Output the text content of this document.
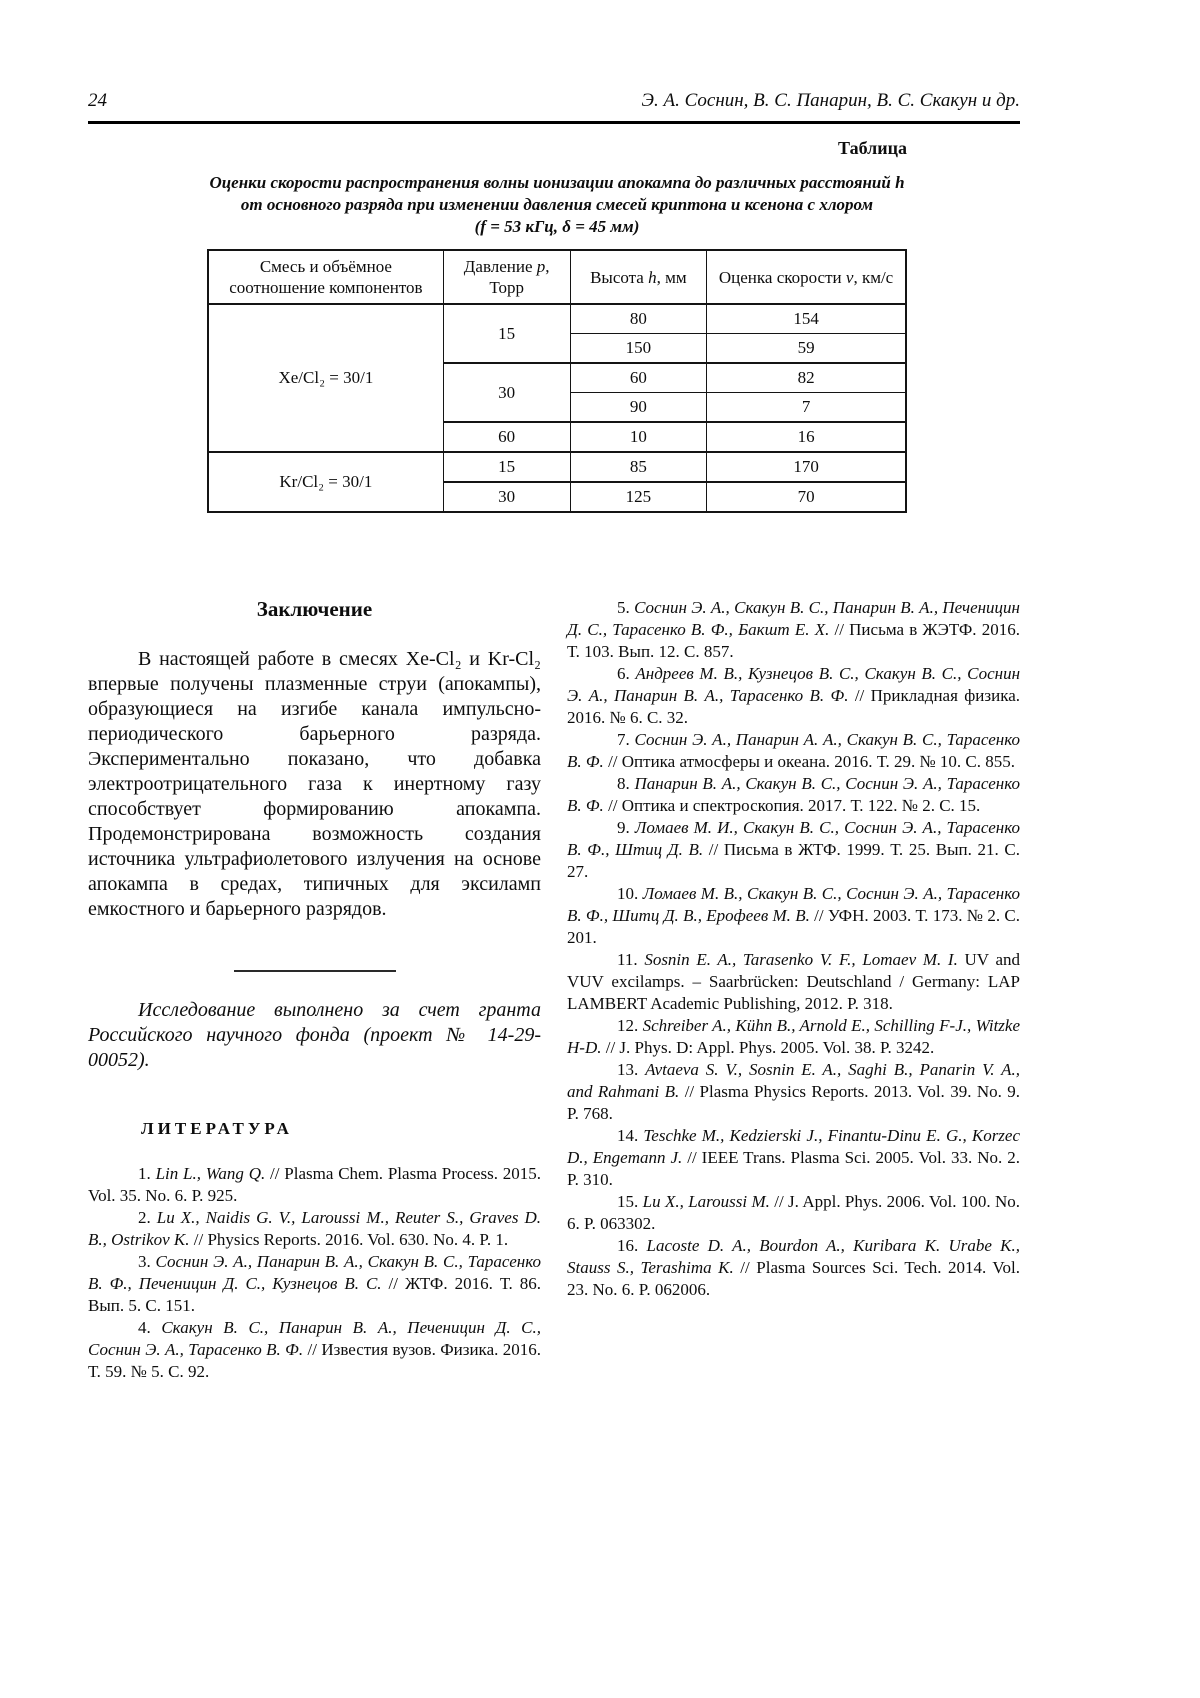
24	Э. А. Соснин, В. С. Панарин, В. С. Скакун и др.
Таблица
Оценки скорости распространения волны ионизации апокампа до различных расстояний h
от основного разряда при изменении давления смесей криптона и ксенона с хлором
(f = 53 кГц, δ = 45 мм)
Смесь и объёмное
соотношение компонентов	Давление p,
Торр	Высота h, мм	Оценка скорости v, км/с
Xe/Cl₂ = 30/1	15	80	154
		150	59
	30	60	82
		90	7
	60	10	16
Kr/Cl₂ = 30/1	15	85	170
	30	125	70
Заключение

В настоящей работе в смесях Xe-Cl₂ и Kr-Cl₂ впервые получены плазменные струи (апокампы), образующиеся на изгибе канала импульсно-периодического барьерного разряда. Экспериментально показано, что добавка электроотрицательного газа к инертному газу способствует формированию апокампа. Продемонстрирована возможность создания источника ультрафиолетового излучения на основе апокампа в средах, типичных для эксиламп емкостного и барьерного разрядов.

Исследование выполнено за счет гранта Российского научного фонда (проект № 14-29-00052).

ЛИТЕРАТУРА

1. Lin L., Wang Q. // Plasma Chem. Plasma Process. 2015. Vol. 35. No. 6. P. 925.

2. Lu X., Naidis G. V., Laroussi M., Reuter S., Graves D. B., Ostrikov K. // Physics Reports. 2016. Vol. 630. No. 4. P. 1.

3. Соснин Э. А., Панарин В. А., Скакун В. С., Тарасенко В. Ф., Печеницин Д. С., Кузнецов В. С. // ЖТФ. 2016. Т. 86. Вып. 5. С. 151.

4. Скакун В. С., Панарин В. А., Печеницин Д. С., Соснин Э. А., Тарасенко В. Ф. // Известия вузов. Физика. 2016. Т. 59. № 5. С. 92.

5. Соснин Э. А., Скакун В. С., Панарин В. А., Печеницин Д. С., Тарасенко В. Ф., Бакшт Е. Х. // Письма в ЖЭТФ. 2016. Т. 103. Вып. 12. С. 857.

6. Андреев М. В., Кузнецов В. С., Скакун В. С., Соснин Э. А., Панарин В. А., Тарасенко В. Ф. // Прикладная физика. 2016. № 6. С. 32.

7. Соснин Э. А., Панарин А. А., Скакун В. С., Тарасенко В. Ф. // Оптика атмосферы и океана. 2016. Т. 29. № 10. С. 855.

8. Панарин В. А., Скакун В. С., Соснин Э. А., Тарасенко В. Ф. // Оптика и спектроскопия. 2017. Т. 122. № 2. С. 15.

9. Ломаев М. И., Скакун В. С., Соснин Э. А., Тарасенко В. Ф., Штиц Д. В. // Письма в ЖТФ. 1999. Т. 25. Вып. 21. С. 27.

10. Ломаев М. В., Скакун В. С., Соснин Э. А., Тарасенко В. Ф., Шитц Д. В., Ерофеев М. В. // УФН. 2003. Т. 173. № 2. С. 201.

11. Sosnin E. A., Tarasenko V. F., Lomaev M. I. UV and VUV excilamps. – Saarbrücken: Deutschland / Germany: LAP LAMBERT Academic Publishing, 2012. P. 318.

12. Schreiber A., Kühn B., Arnold E., Schilling F-J., Witzke H-D. // J. Phys. D: Appl. Phys. 2005. Vol. 38. P. 3242.

13. Avtaeva S. V., Sosnin E. A., Saghi B., Panarin V. A., and Rahmani B. // Plasma Physics Reports. 2013. Vol. 39. No. 9. P. 768.

14. Teschke M., Kedzierski J., Finantu-Dinu E. G., Korzec D., Engemann J. // IEEE Trans. Plasma Sci. 2005. Vol. 33. No. 2. P. 310.

15. Lu X., Laroussi M. // J. Appl. Phys. 2006. Vol. 100. No. 6. P. 063302.

16. Lacoste D. A., Bourdon A., Kuribara K. Urabe K., Stauss S., Terashima K. // Plasma Sources Sci. Tech. 2014. Vol. 23. No. 6. P. 062006.
